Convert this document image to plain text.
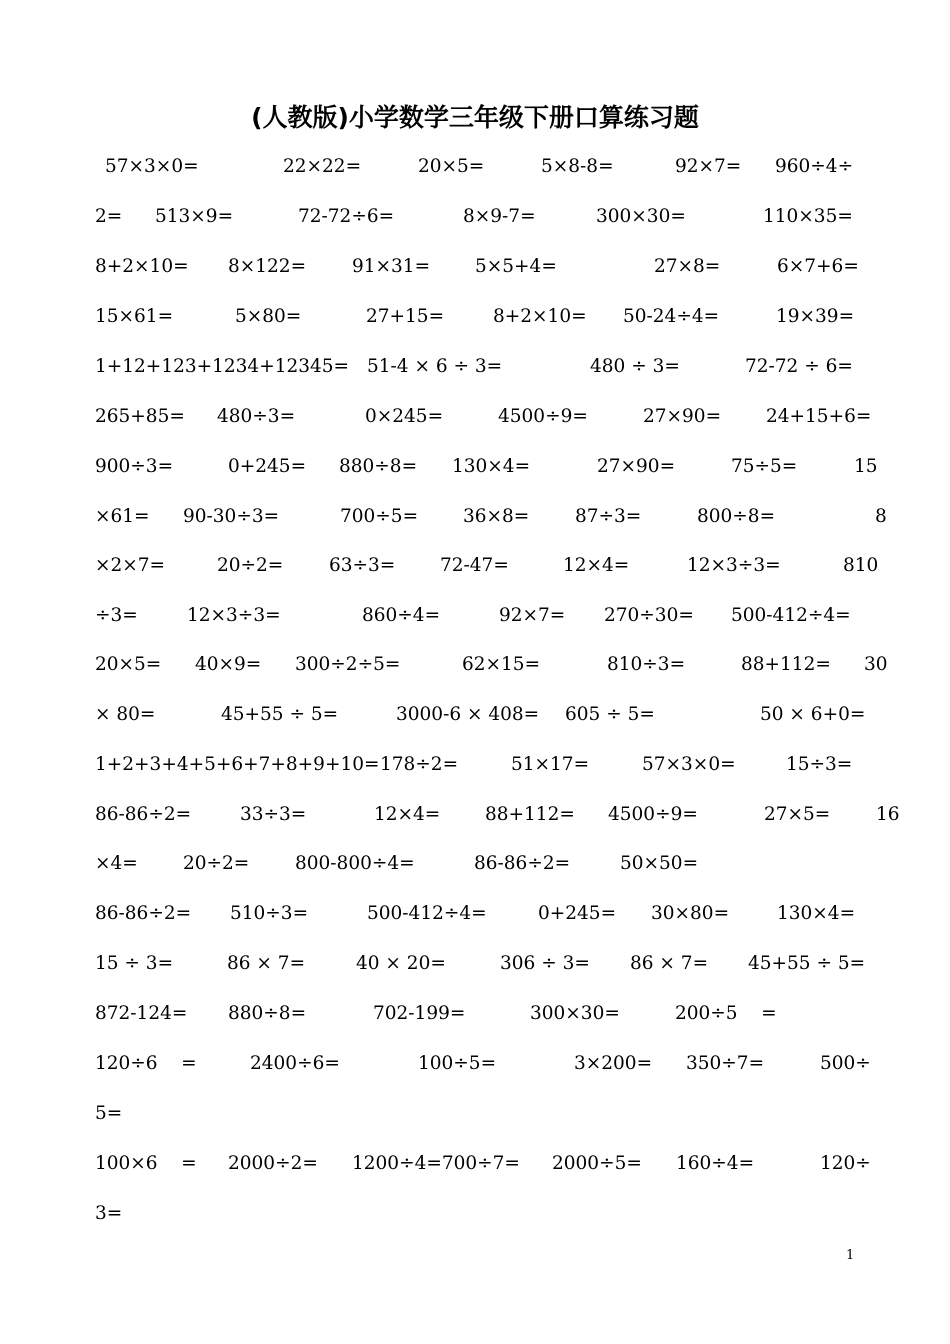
(人教版)小学数学三年级下册口算练习题
57×3×0=	22×22=	20×5=	5×8-8=	92×7= 960÷4÷
2= 513×9=	72-72÷6=	8×9-7=	300×30=	110×35=
8+2×10= 8×122= 91×31= 5×5+4=	27×8=	6×7+6=
15×61=	5×80=	27+15=	8+2×10= 50-24÷4=	19×39=
1+12+123+1234+12345= 51-4 × 6 ÷ 3=	480 ÷ 3=	72-72 ÷ 6=
265+85= 480÷3=	0×245=	4500÷9=	27×90= 24+15+6=
900÷3=	0+245= 880÷8= 130×4=	27×90=	75÷5=	15
×61= 90-30÷3=	700÷5= 36×8= 87÷3=	800÷8=	8
×2×7=	20÷2= 63÷3= 72-47=	12×4=	12×3÷3=	810
÷3=	12×3÷3=	860÷4=	92×7= 270÷30= 500-412÷4=
20×5= 40×9= 300÷2÷5=	62×15=	810÷3=	88+112= 30
× 80=	45+55 ÷ 5=	3000-6 × 408= 605 ÷ 5=	50 × 6+0=
1+2+3+4+5+6+7+8+9+10= 178÷2=	51×17=	57×3×0=	15÷3=
86-86÷2=	33÷3=	12×4= 88+112= 4500÷9=	27×5= 16
×4= 20÷2= 800-800÷4=	86-86÷2=	50×50=
86-86÷2= 510÷3=	500-412÷4=	0+245= 30×80=	130×4=
15 ÷ 3=	86 × 7=	40 × 20=	306 ÷ 3= 86 × 7= 45+55 ÷ 5=
872-124= 880÷8=	702-199=	300×30=	200÷5    =
120÷6    =	2400÷6=	100÷5=	3×200= 350÷7=	500÷
5=
100×6    = 2000÷2= 1200÷4=700÷7= 2000÷5= 160÷4=	120÷
3=
1
